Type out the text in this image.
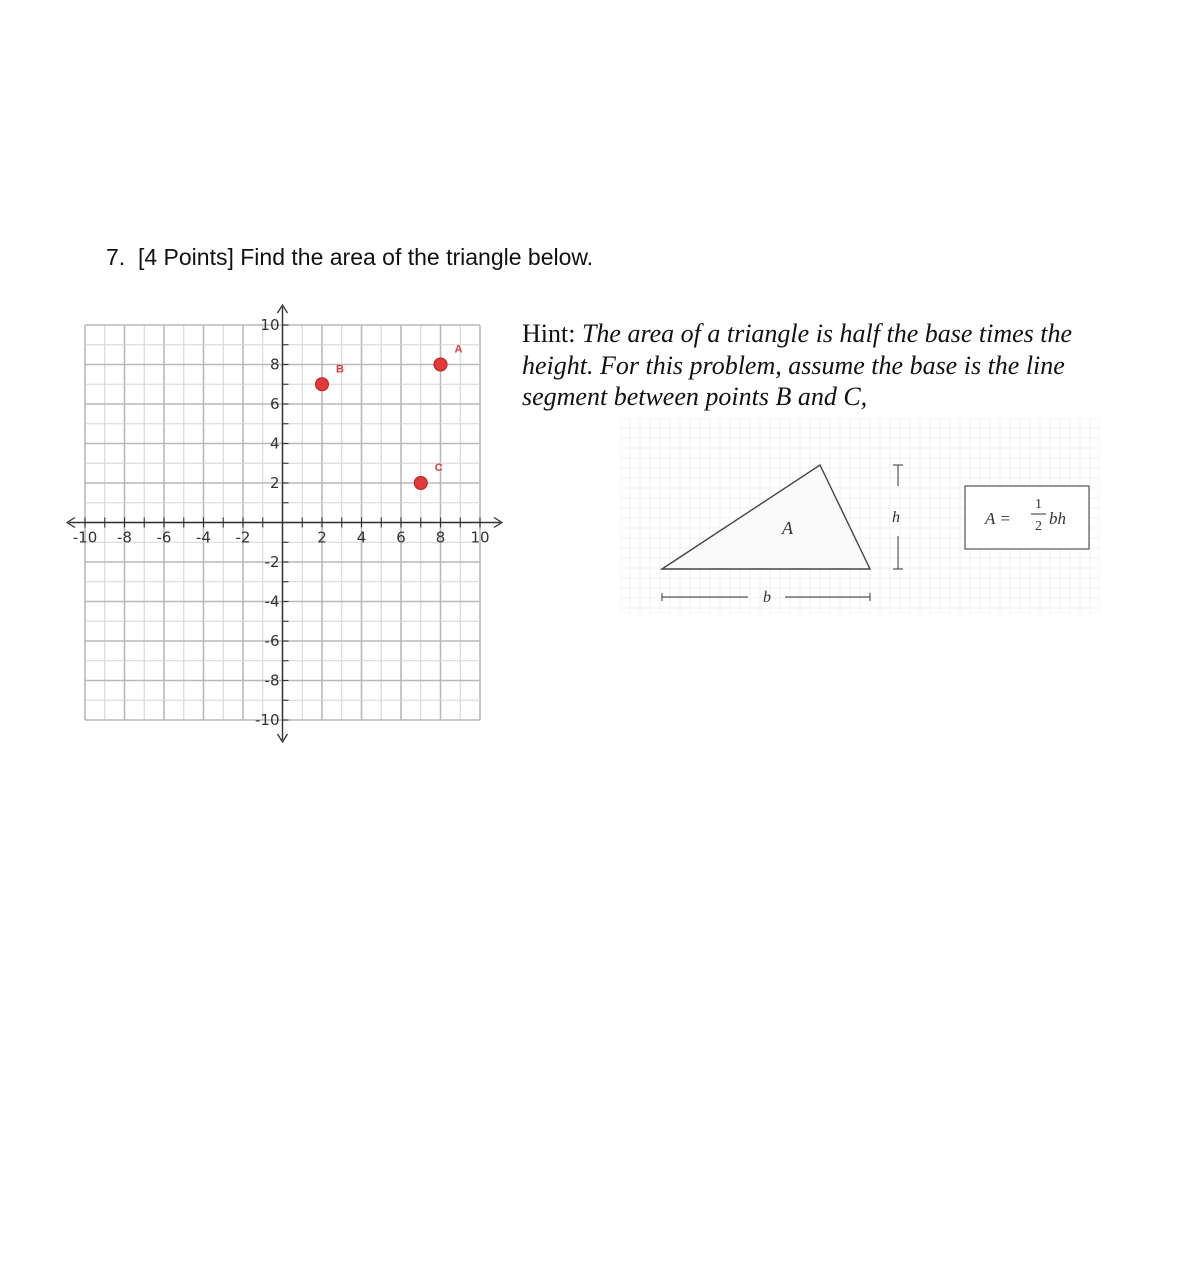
7. [4 Points] Find the area of the triangle below.
Hint: The area of a triangle is half the base times the height. For this problem, assume the base is the line segment between points B and C,
-10 -8 -6 -4 -2	2 4 6 8 10
10
8
6
4
2
-2
-4
-6
-8
-10
A
B
C
A
h
b
A =
1
2 bh
